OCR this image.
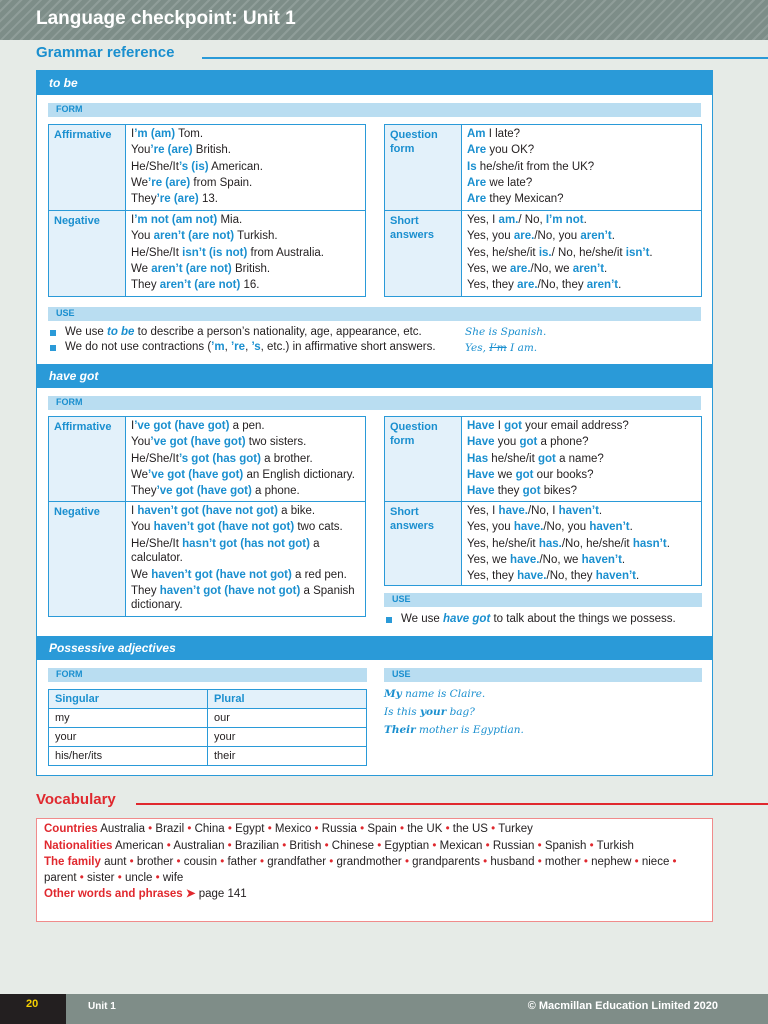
Language checkpoint: Unit 1
Grammar reference
to be
FORM
Affirmative	I’m (am) Tom.
You’re (are) British.
He/She/It’s (is) American.
We’re (are) from Spain.
They’re (are) 13.
Negative	I’m not (am not) Mia.
You aren’t (are not) Turkish.
He/She/It isn’t (is not) from Australia.
We aren’t (are not) British.
They aren’t (are not) 16.
Question form
Am I late?
Are you OK?
Is he/she/it from the UK?
Are we late?
Are they Mexican?
Short answers
Yes, I am./ No, I’m not.
Yes, you are./No, you aren’t.
Yes, he/she/it is./ No, he/she/it isn’t.
Yes, we are./No, we aren’t.
Yes, they are./No, they aren’t.
USE
We use to be to describe a person’s nationality, age, appearance, etc.
We do not use contractions (’m, ’re, ’s, etc.) in affirmative short answers.
She is Spanish.
Yes, I’m I am.
have got
FORM
Affirmative	I’ve got (have got) a pen.
You’ve got (have got) two sisters.
He/She/It’s got (has got) a brother.
We’ve got (have got) an English dictionary.
They’ve got (have got) a phone.
Negative	I haven’t got (have not got) a bike.
You haven’t got (have not got) two cats.
He/She/It hasn’t got (has not got) a calculator.
We haven’t got (have not got) a red pen.
They haven’t got (have not got) a Spanish dictionary.
Question form
Have I got your email address?
Have you got a phone?
Has he/she/it got a name?
Have we got our books?
Have they got bikes?
Short answers
Yes, I have./No, I haven’t.
Yes, you have./No, you haven’t.
Yes, he/she/it has./No, he/she/it hasn’t.
Yes, we have./No, we haven’t.
Yes, they have./No, they haven’t.
USE
We use have got to talk about the things we possess.
Possessive adjectives
FORM	USE
Singular	Plural
my	our
your	your
his/her/its	their
My name is Claire.
Is this your bag?
Their mother is Egyptian.
Vocabulary
Countries Australia • Brazil • China • Egypt • Mexico • Russia • Spain • the UK • the US • Turkey
Nationalities American • Australian • Brazilian • British • Chinese • Egyptian • Mexican • Russian • Spanish • Turkish
The family aunt • brother • cousin • father • grandfather • grandmother • grandparents • husband • mother • nephew • niece • parent • sister • uncle • wife
Other words and phrases ➤ page 141
20	Unit 1	© Macmillan Education Limited 2020
